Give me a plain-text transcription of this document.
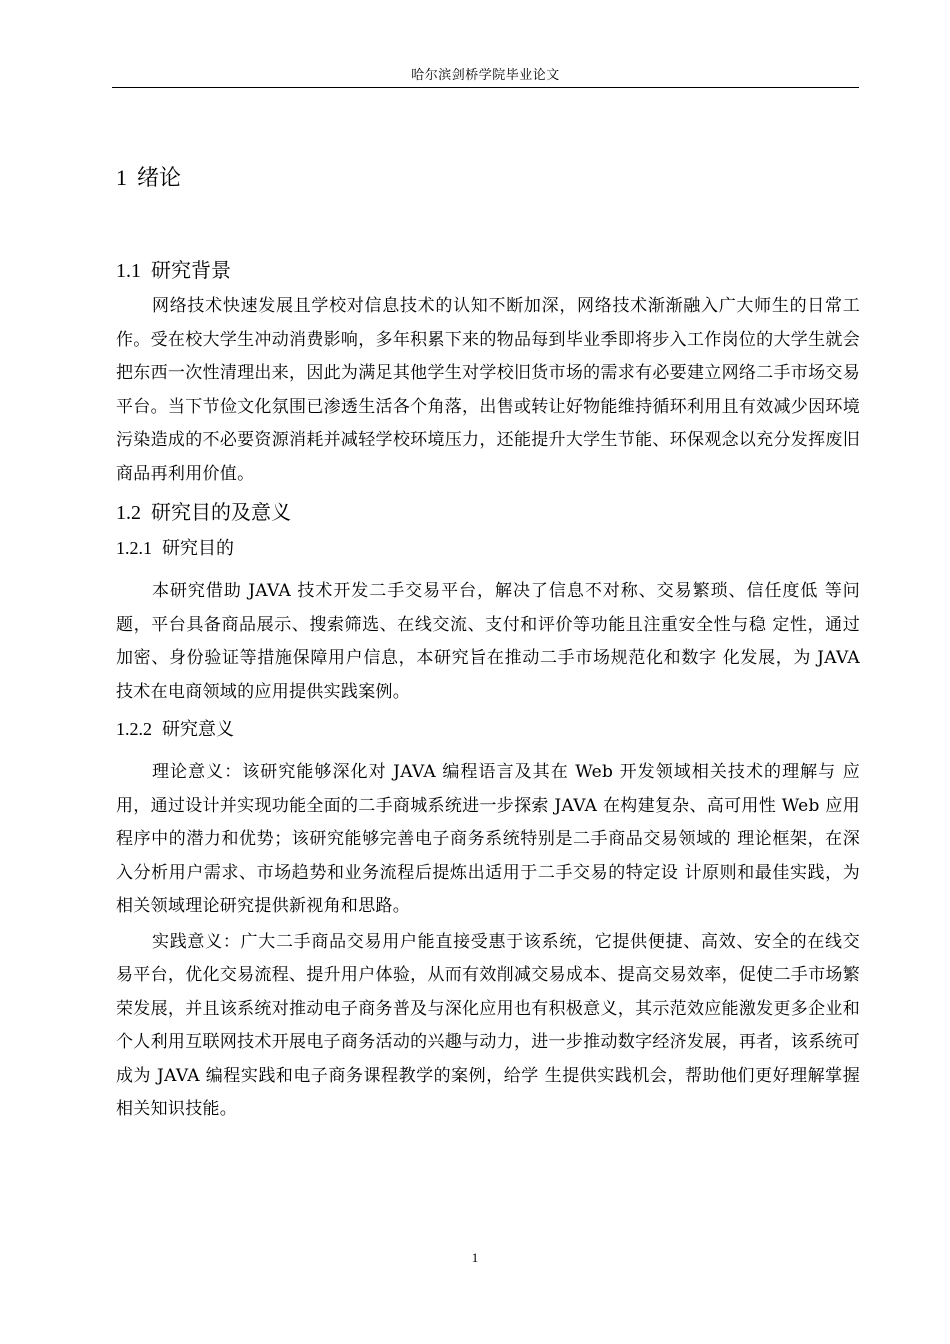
哈尔滨剑桥学院毕业论文
1 绪论
1.1 研究背景

网络技术快速发展且学校对信息技术的认知不断加深，网络技术渐渐融入广大师生的日常工作。受在校大学生冲动消费影响，多年积累下来的物品每到毕业季即将步入工作岗位的大学生就会把东西一次性清理出来，因此为满足其他学生对学校旧货市场的需求有必要建立网络二手市场交易平台。当下节俭文化氛围已渗透生活各个角落，出售或转让好物能维持循环利用且有效减少因环境污染造成的不必要资源消耗并减轻学校环境压力，还能提升大学生节能、环保观念以充分发挥废旧商品再利用价值。

1.2 研究目的及意义
1.2.1 研究目的

本研究借助 JAVA 技术开发二手交易平台，解决了信息不对称、交易繁琐、信任度低 等问题，平台具备商品展示、搜索筛选、在线交流、支付和评价等功能且注重安全性与稳 定性，通过加密、身份验证等措施保障用户信息，本研究旨在推动二手市场规范化和数字 化发展，为 JAVA 技术在电商领域的应用提供实践案例。

1.2.2 研究意义

理论意义：该研究能够深化对 JAVA 编程语言及其在 Web 开发领域相关技术的理解与 应用，通过设计并实现功能全面的二手商城系统进一步探索 JAVA 在构建复杂、高可用性 Web 应用程序中的潜力和优势；该研究能够完善电子商务系统特别是二手商品交易领域的 理论框架，在深入分析用户需求、市场趋势和业务流程后提炼出适用于二手交易的特定设 计原则和最佳实践，为相关领域理论研究提供新视角和思路。

实践意义：广大二手商品交易用户能直接受惠于该系统，它提供便捷、高效、安全的在线交易平台，优化交易流程、提升用户体验，从而有效削减交易成本、提高交易效率，促使二手市场繁荣发展，并且该系统对推动电子商务普及与深化应用也有积极意义，其示范效应能激发更多企业和个人利用互联网技术开展电子商务活动的兴趣与动力，进一步推动数字经济发展，再者，该系统可成为 JAVA 编程实践和电子商务课程教学的案例，给学 生提供实践机会，帮助他们更好理解掌握相关知识技能。

1
